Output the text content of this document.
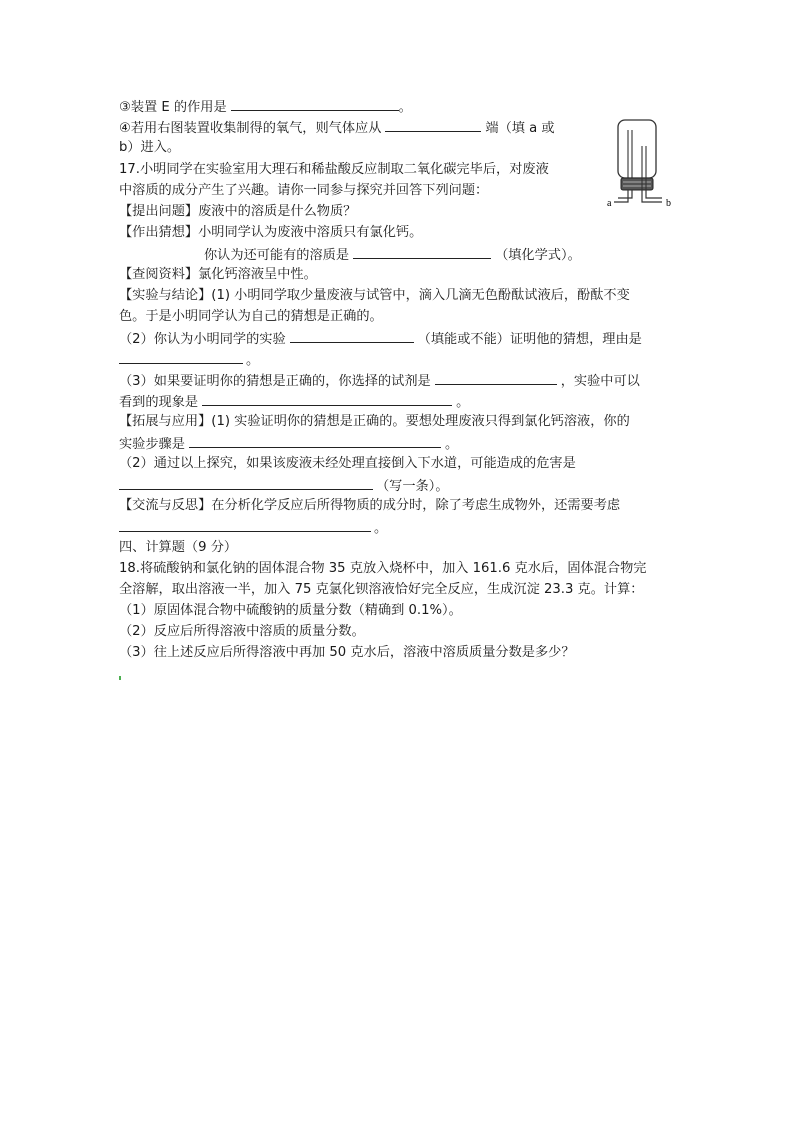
③装置 E 的作用是	。
④若用右图装置收集制得的氧气，则气体应从	端（填 a 或
b）进入。
a	b
17.小明同学在实验室用大理石和稀盐酸反应制取二氧化碳完毕后，对废液
中溶质的成分产生了兴趣。请你一同参与探究并回答下列问题：
【提出问题】废液中的溶质是什么物质？
【作出猜想】小明同学认为废液中溶质只有氯化钙。
你认为还可能有的溶质是	（填化学式）。
【查阅资料】氯化钙溶液呈中性。
【实验与结论】(1) 小明同学取少量废液与试管中，滴入几滴无色酚酞试液后，酚酞不变
色。于是小明同学认为自己的猜想是正确的。
（2）你认为小明同学的实验	（填能或不能）证明他的猜想，理由是
。
（3）如果要证明你的猜想是正确的，你选择的试剂是	，实验中可以
看到的现象是	。
【拓展与应用】(1) 实验证明你的猜想是正确的。要想处理废液只得到氯化钙溶液，你的
实验步骤是	。
（2）通过以上探究，如果该废液未经处理直接倒入下水道，可能造成的危害是
（写一条）。
【交流与反思】在分析化学反应后所得物质的成分时，除了考虑生成物外，还需要考虑
。
四、计算题（9 分）
18.将硫酸钠和氯化钠的固体混合物 35 克放入烧杯中，加入 161.6 克水后，固体混合物完
全溶解，取出溶液一半，加入 75 克氯化钡溶液恰好完全反应，生成沉淀 23.3 克。计算：
（1）原固体混合物中硫酸钠的质量分数（精确到 0.1%）。
（2）反应后所得溶液中溶质的质量分数。
（3）往上述反应后所得溶液中再加 50 克水后，溶液中溶质质量分数是多少？
